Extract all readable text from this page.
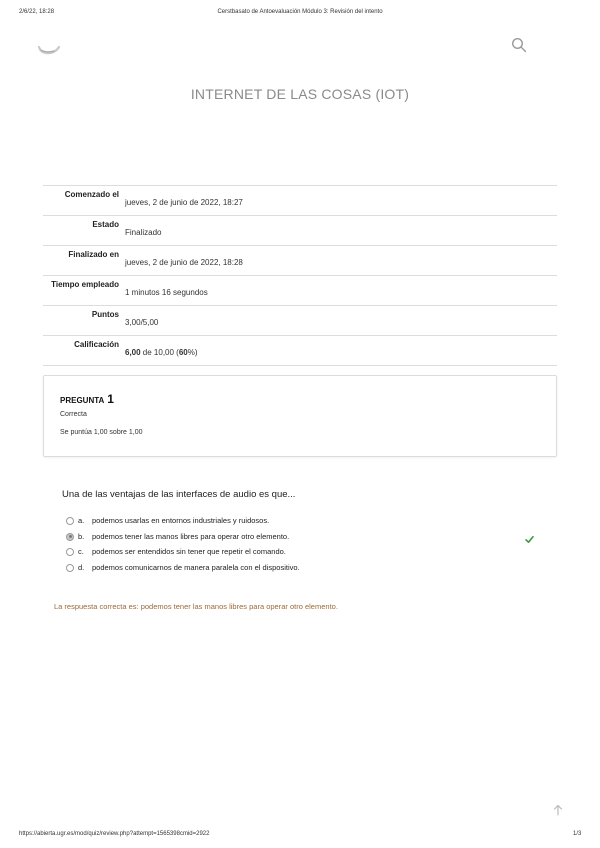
2/6/22, 18:28	Cerstbasato de Antoevaluación Módulo 3: Revisión del intento
INTERNET DE LAS COSAS (IOT)
Comenzado el
jueves, 2 de junio de 2022, 18:27
Estado
Finalizado
Finalizado en
jueves, 2 de junio de 2022, 18:28
Tiempo empleado
1 minutos 16 segundos
Puntos
3,00/5,00
Calificación
6,00 de 10,00 (60%)
PREGUNTA 1
Correcta
Se puntúa 1,00 sobre 1,00
Una de las ventajas de las interfaces de audio es que...
a. podemos usarlas en entornos industriales y ruidosos.
b. podemos tener las manos libres para operar otro elemento.
c. podemos ser entendidos sin tener que repetir el comando.
d. podemos comunicarnos de manera paralela con el dispositivo.
La respuesta correcta es: podemos tener las manos libres para operar otro elemento.
https://abierta.ugr.es/mod/quiz/review.php?attempt=1565398cmid=2922	1/3
